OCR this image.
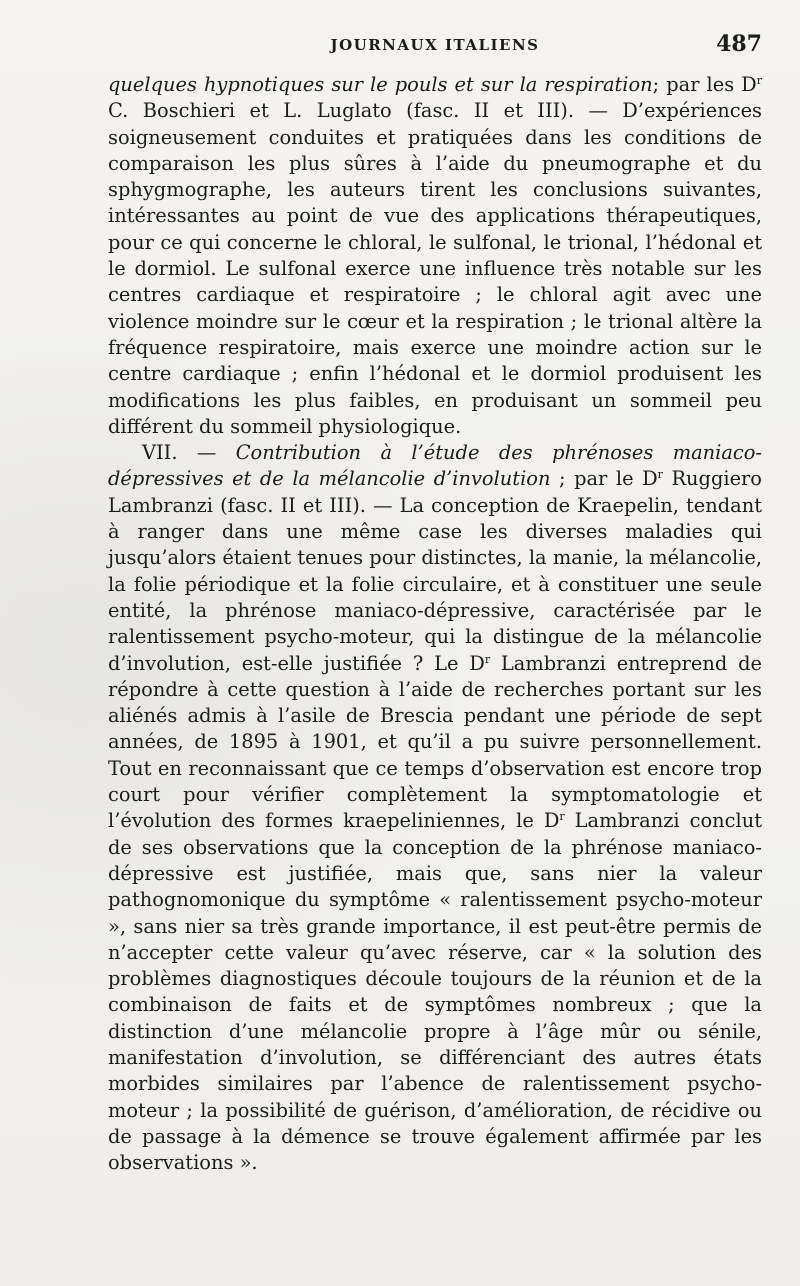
JOURNAUX ITALIENS	487

quelques hypnotiques sur le pouls et sur la respiration; par les $D^r$ C. Boschieri et L. Luglato (fasc. II et III). — D’expériences soigneusement conduites et pratiquées dans les conditions de comparaison les plus sûres à l’aide du pneumographe et du sphygmographe, les auteurs tirent les conclusions suivantes, intéressantes au point de vue des applications thérapeutiques, pour ce qui concerne le chloral, le sulfonal, le trional, l’hédonal et le dormiol. Le sulfonal exerce une influence très notable sur les centres cardiaque et respiratoire ; le chloral agit avec une violence moindre sur le cœur et la respiration ; le trional altère la fréquence respiratoire, mais exerce une moindre action sur le centre cardiaque ; enfin l’hédonal et le dormiol produisent les modifications les plus faibles, en produisant un sommeil peu différent du sommeil physiologique.

VII. — Contribution à l’étude des phrénoses maniaco-dépressives et de la mélancolie d’involution ; par le $D^r$ Ruggiero Lambranzi (fasc. II et III). — La conception de Kraepelin, tendant à ranger dans une même case les diverses maladies qui jusqu’alors étaient tenues pour distinctes, la manie, la mélancolie, la folie périodique et la folie circulaire, et à constituer une seule entité, la phrénose maniaco-dépressive, caractérisée par le ralentissement psycho-moteur, qui la distingue de la mélancolie d’involution, est-elle justifiée ? Le $D^r$ Lambranzi entreprend de répondre à cette question à l’aide de recherches portant sur les aliénés admis à l’asile de Brescia pendant une période de sept années, de 1895 à 1901, et qu’il a pu suivre personnellement. Tout en reconnaissant que ce temps d’observation est encore trop court pour vérifier complètement la symptomatologie et l’évolution des formes kraepeliniennes, le $D^r$ Lambranzi conclut de ses observations que la conception de la phrénose maniaco-dépressive est justifiée, mais que, sans nier la valeur pathognomonique du symptôme « ralentissement psycho-moteur », sans nier sa très grande importance, il est peut-être permis de n’accepter cette valeur qu’avec réserve, car « la solution des problèmes diagnostiques découle toujours de la réunion et de la combinaison de faits et de symptômes nombreux ; que la distinction d’une mélancolie propre à l’âge mûr ou sénile, manifestation d’involution, se différenciant des autres états morbides similaires par l’abence de ralentissement psycho-moteur ; la possibilité de guérison, d’amélioration, de récidive ou de passage à la démence se trouve également affirmée par les observations ».
